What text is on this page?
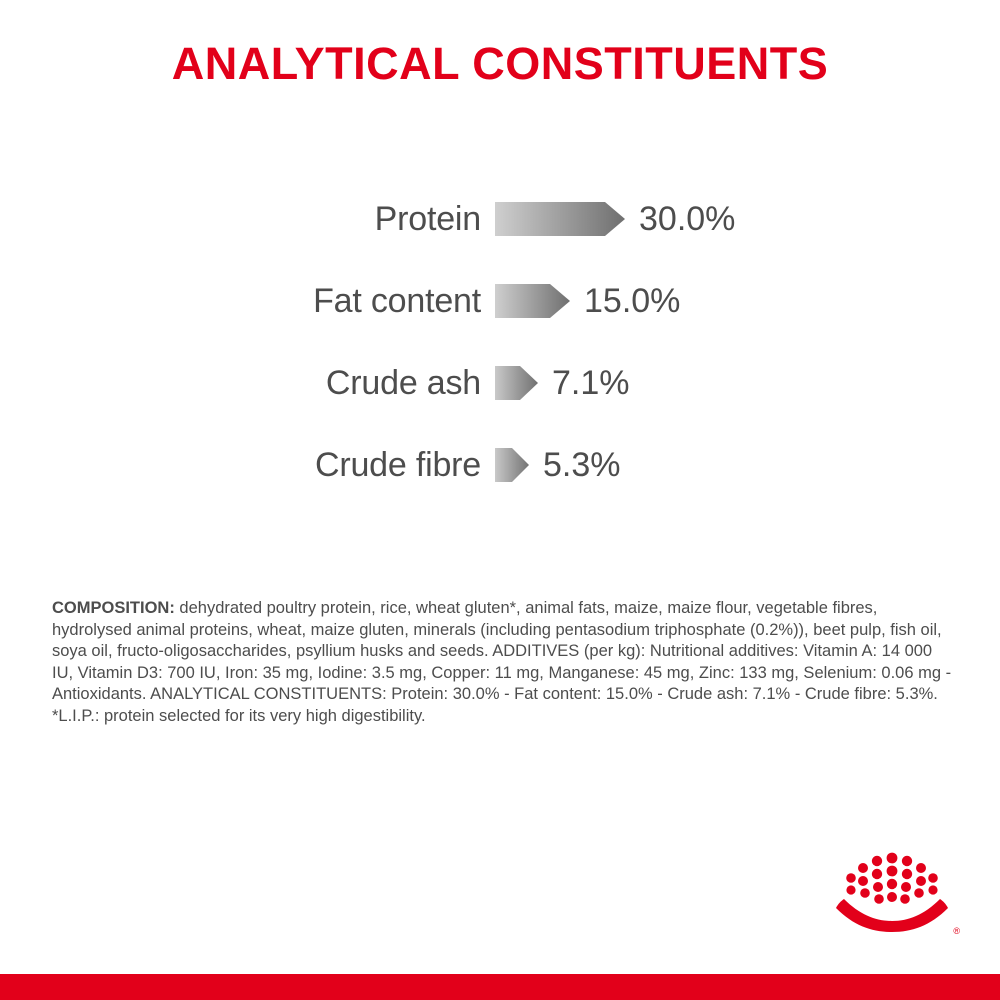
ANALYTICAL CONSTITUENTS
Protein	30.0%
Fat content	15.0%
Crude ash	7.1%
Crude fibre	5.3%
COMPOSITION: dehydrated poultry protein, rice, wheat gluten*, animal fats, maize, maize flour, vegetable fibres, hydrolysed animal proteins, wheat, maize gluten, minerals (including pentasodium triphosphate (0.2%)), beet pulp, fish oil, soya oil, fructo-oligosaccharides, psyllium husks and seeds. ADDITIVES (per kg): Nutritional additives: Vitamin A: 14 000 IU, Vitamin D3: 700 IU, Iron: 35 mg, Iodine: 3.5 mg, Copper: 11 mg, Manganese: 45 mg, Zinc: 133 mg, Selenium: 0.06 mg - Antioxidants. ANALYTICAL CONSTITUENTS: Protein: 30.0% - Fat content: 15.0% - Crude ash: 7.1% - Crude fibre: 5.3%. *L.I.P.: protein selected for its very high digestibility.
®
